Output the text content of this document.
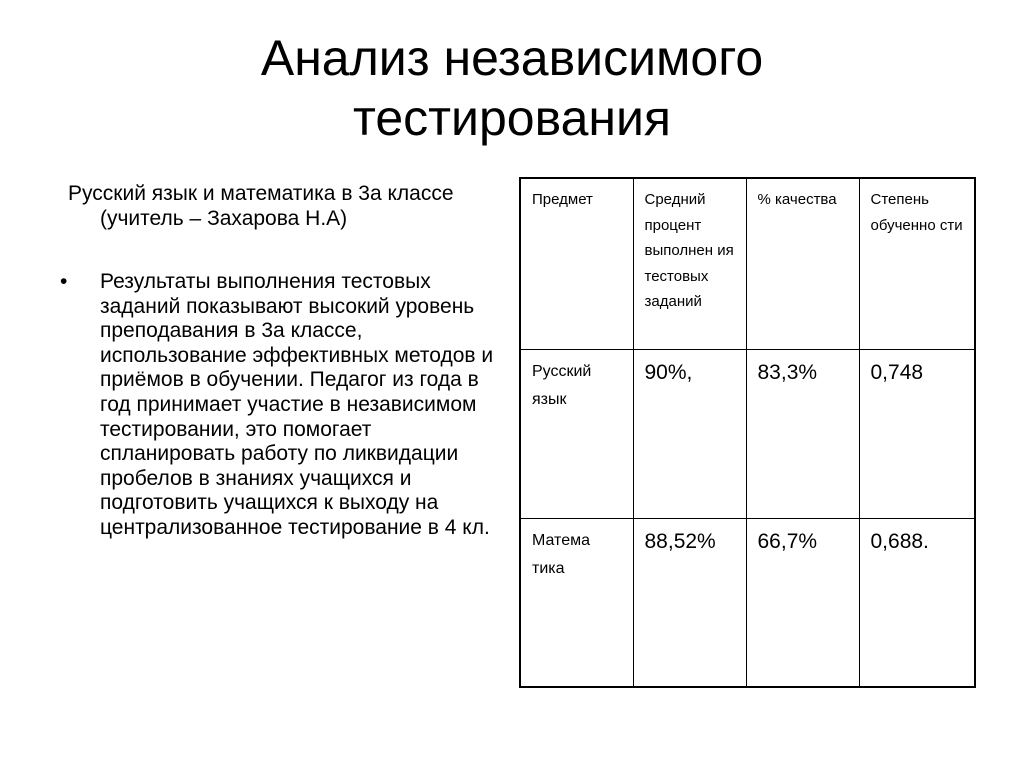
Анализ независимого
тестирования
Русский язык и математика в 3а классе (учитель – Захарова Н.А)
•	Результаты выполнения тестовых заданий показывают высокий уровень преподавания в 3а классе, использование эффективных методов и приёмов в обучении. Педагог из года в год принимает участие в независимом тестировании, это помогает спланировать работу по ликвидации пробелов в знаниях учащихся и подготовить учащихся к выходу на централизованное тестирование в 4 кл.
Предмет	Средний процент выполнен ия тестовых заданий	% качества	Степень обученно сти
Русский язык	90%,	83,3%	0,748
Матема тика	88,52%	66,7%	0,688.
